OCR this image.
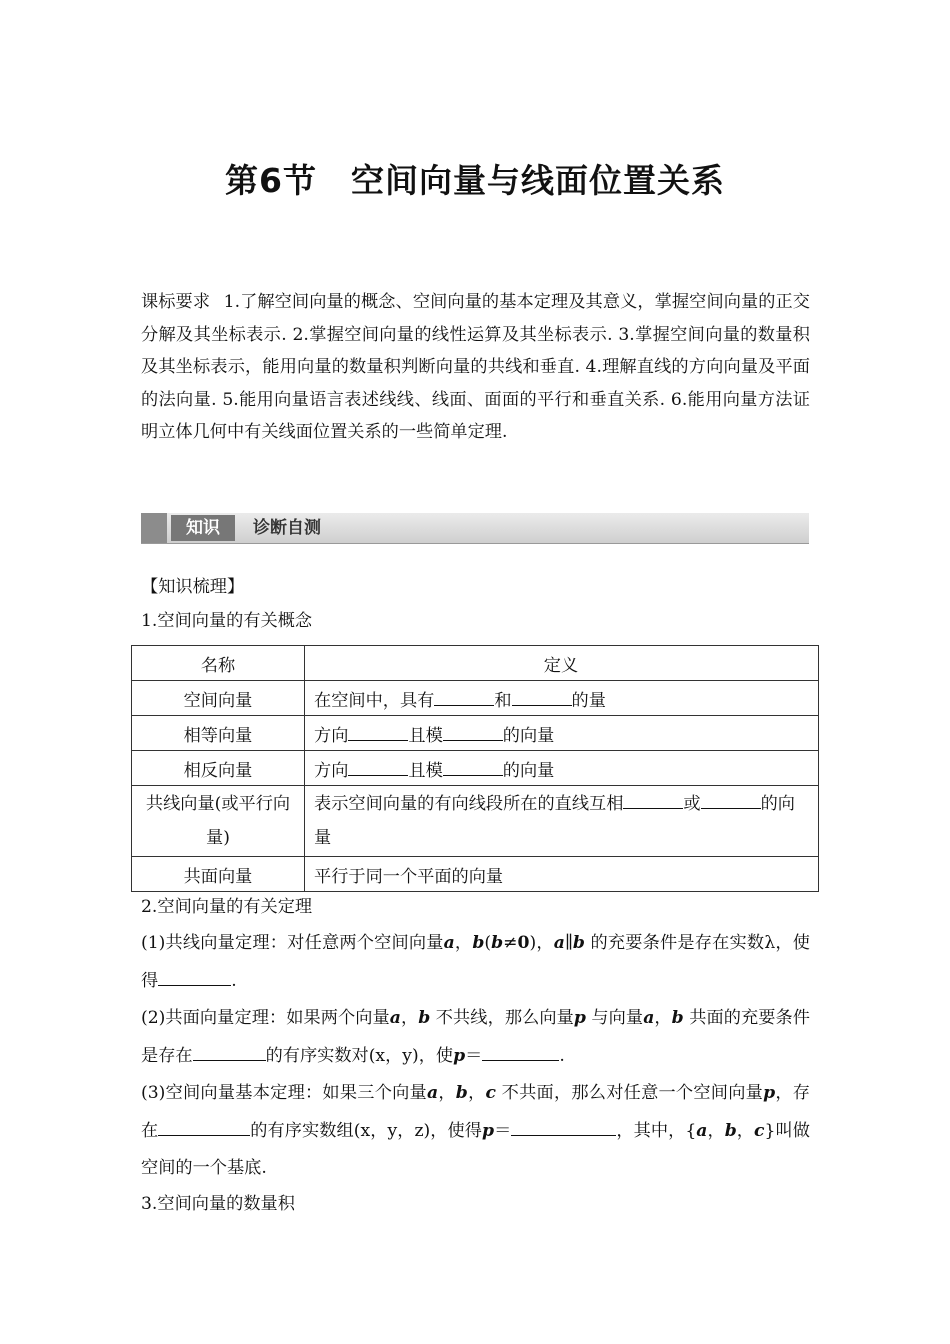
第6节　空间向量与线面位置关系
课标要求 1.了解空间向量的概念、空间向量的基本定理及其意义，掌握空间向量的正交分解及其坐标表示. 2.掌握空间向量的线性运算及其坐标表示. 3.掌握空间向量的数量积及其坐标表示，能用向量的数量积判断向量的共线和垂直. 4.理解直线的方向向量及平面的法向量. 5.能用向量语言表述线线、线面、面面的平行和垂直关系. 6.能用向量方法证明立体几何中有关线面位置关系的一些简单定理.
知识	诊断自测
【知识梳理】
1.空间向量的有关概念
名称	定义
空间向量	在空间中，具有 和 的量
相等向量	方向 且模 的向量
相反向量	方向 且模 的向量
共线向量(或平行向量)	表示空间向量的有向线段所在的直线互相 或 的向量
共面向量	平行于同一个平面的向量
2.空间向量的有关定理
(1)共线向量定理：对任意两个空间向量a，b(b≠0)，a∥b 的充要条件是存在实数λ，使得	.
(2)共面向量定理：如果两个向量a，b 不共线，那么向量p 与向量a，b 共面的充要条件是存在	的有序实数对(x，y)，使p＝	.
(3)空间向量基本定理：如果三个向量a，b，c 不共面，那么对任意一个空间向量p，存在	的有序实数组(x，y，z)，使得p＝	，其中，{a，b，c}叫做空间的一个基底.
3.空间向量的数量积
